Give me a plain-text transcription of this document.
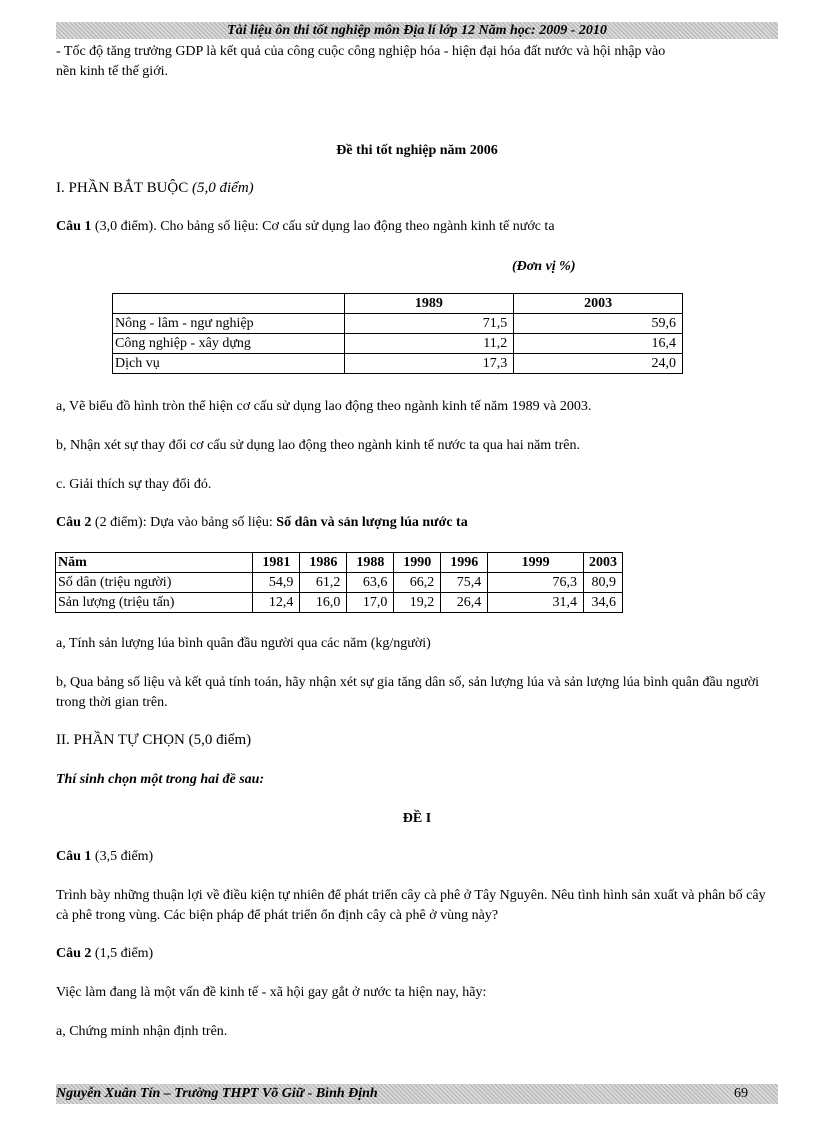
Tài liệu ôn thi tốt nghiệp môn Địa lí lớp 12 Năm học: 2009 - 2010
- Tốc độ tăng trưởng GDP là kết quả của công cuộc công nghiệp hóa - hiện đại hóa đất nước và hội nhập vào
nền kinh tế thế giới.
Đề thi tốt nghiệp năm 2006
I. PHẦN BẮT BUỘC (5,0 điểm)
Câu 1 (3,0 điểm). Cho bảng số liệu: Cơ cấu sử dụng lao động theo ngành kinh tế nước ta
(Đơn vị %)
	1989	2003
Nông - lâm - ngư nghiệp	71,5	59,6
Công nghiệp - xây dựng	11,2	16,4
Dịch vụ	17,3	24,0
a, Vẽ biểu đồ hình tròn thể hiện cơ cấu sử dụng lao động theo ngành kinh tế năm 1989 và 2003.
b, Nhận xét sự thay đổi cơ cấu sử dụng lao động theo ngành kinh tế nước ta qua hai năm trên.
c. Giải thích sự thay đổi đó.
Câu 2 (2 điểm): Dựa vào bảng số liệu: Số dân và sản lượng lúa nước ta
Năm	1981	1986	1988	1990	1996	1999	2003
Số dân (triệu người)	54,9	61,2	63,6	66,2	75,4	76,3	80,9
Sản lượng (triệu tấn)	12,4	16,0	17,0	19,2	26,4	31,4	34,6
a, Tính sản lượng lúa bình quân đầu người qua các năm (kg/người)
b, Qua bảng số liệu và kết quả tính toán, hãy nhận xét sự gia tăng dân số, sản lượng lúa và sản lượng lúa bình quân đầu người trong thời gian trên.
II. PHẦN TỰ CHỌN (5,0 điểm)
Thí sinh chọn một trong hai đề sau:
ĐỀ I
Câu 1 (3,5 điểm)
Trình bày những thuận lợi về điều kiện tự nhiên để phát triển cây cà phê ở Tây Nguyên. Nêu tình hình sản xuất và phân bố cây cà phê trong vùng. Các biện pháp để phát triển ổn định cây cà phê ở vùng này?
Câu 2 (1,5 điểm)
Việc làm đang là một vấn đề kinh tế - xã hội gay gắt ở nước ta hiện nay, hãy:
a, Chứng minh nhận định trên.
Nguyễn Xuân Tín – Trường THPT Võ Giữ - Bình Định	69
